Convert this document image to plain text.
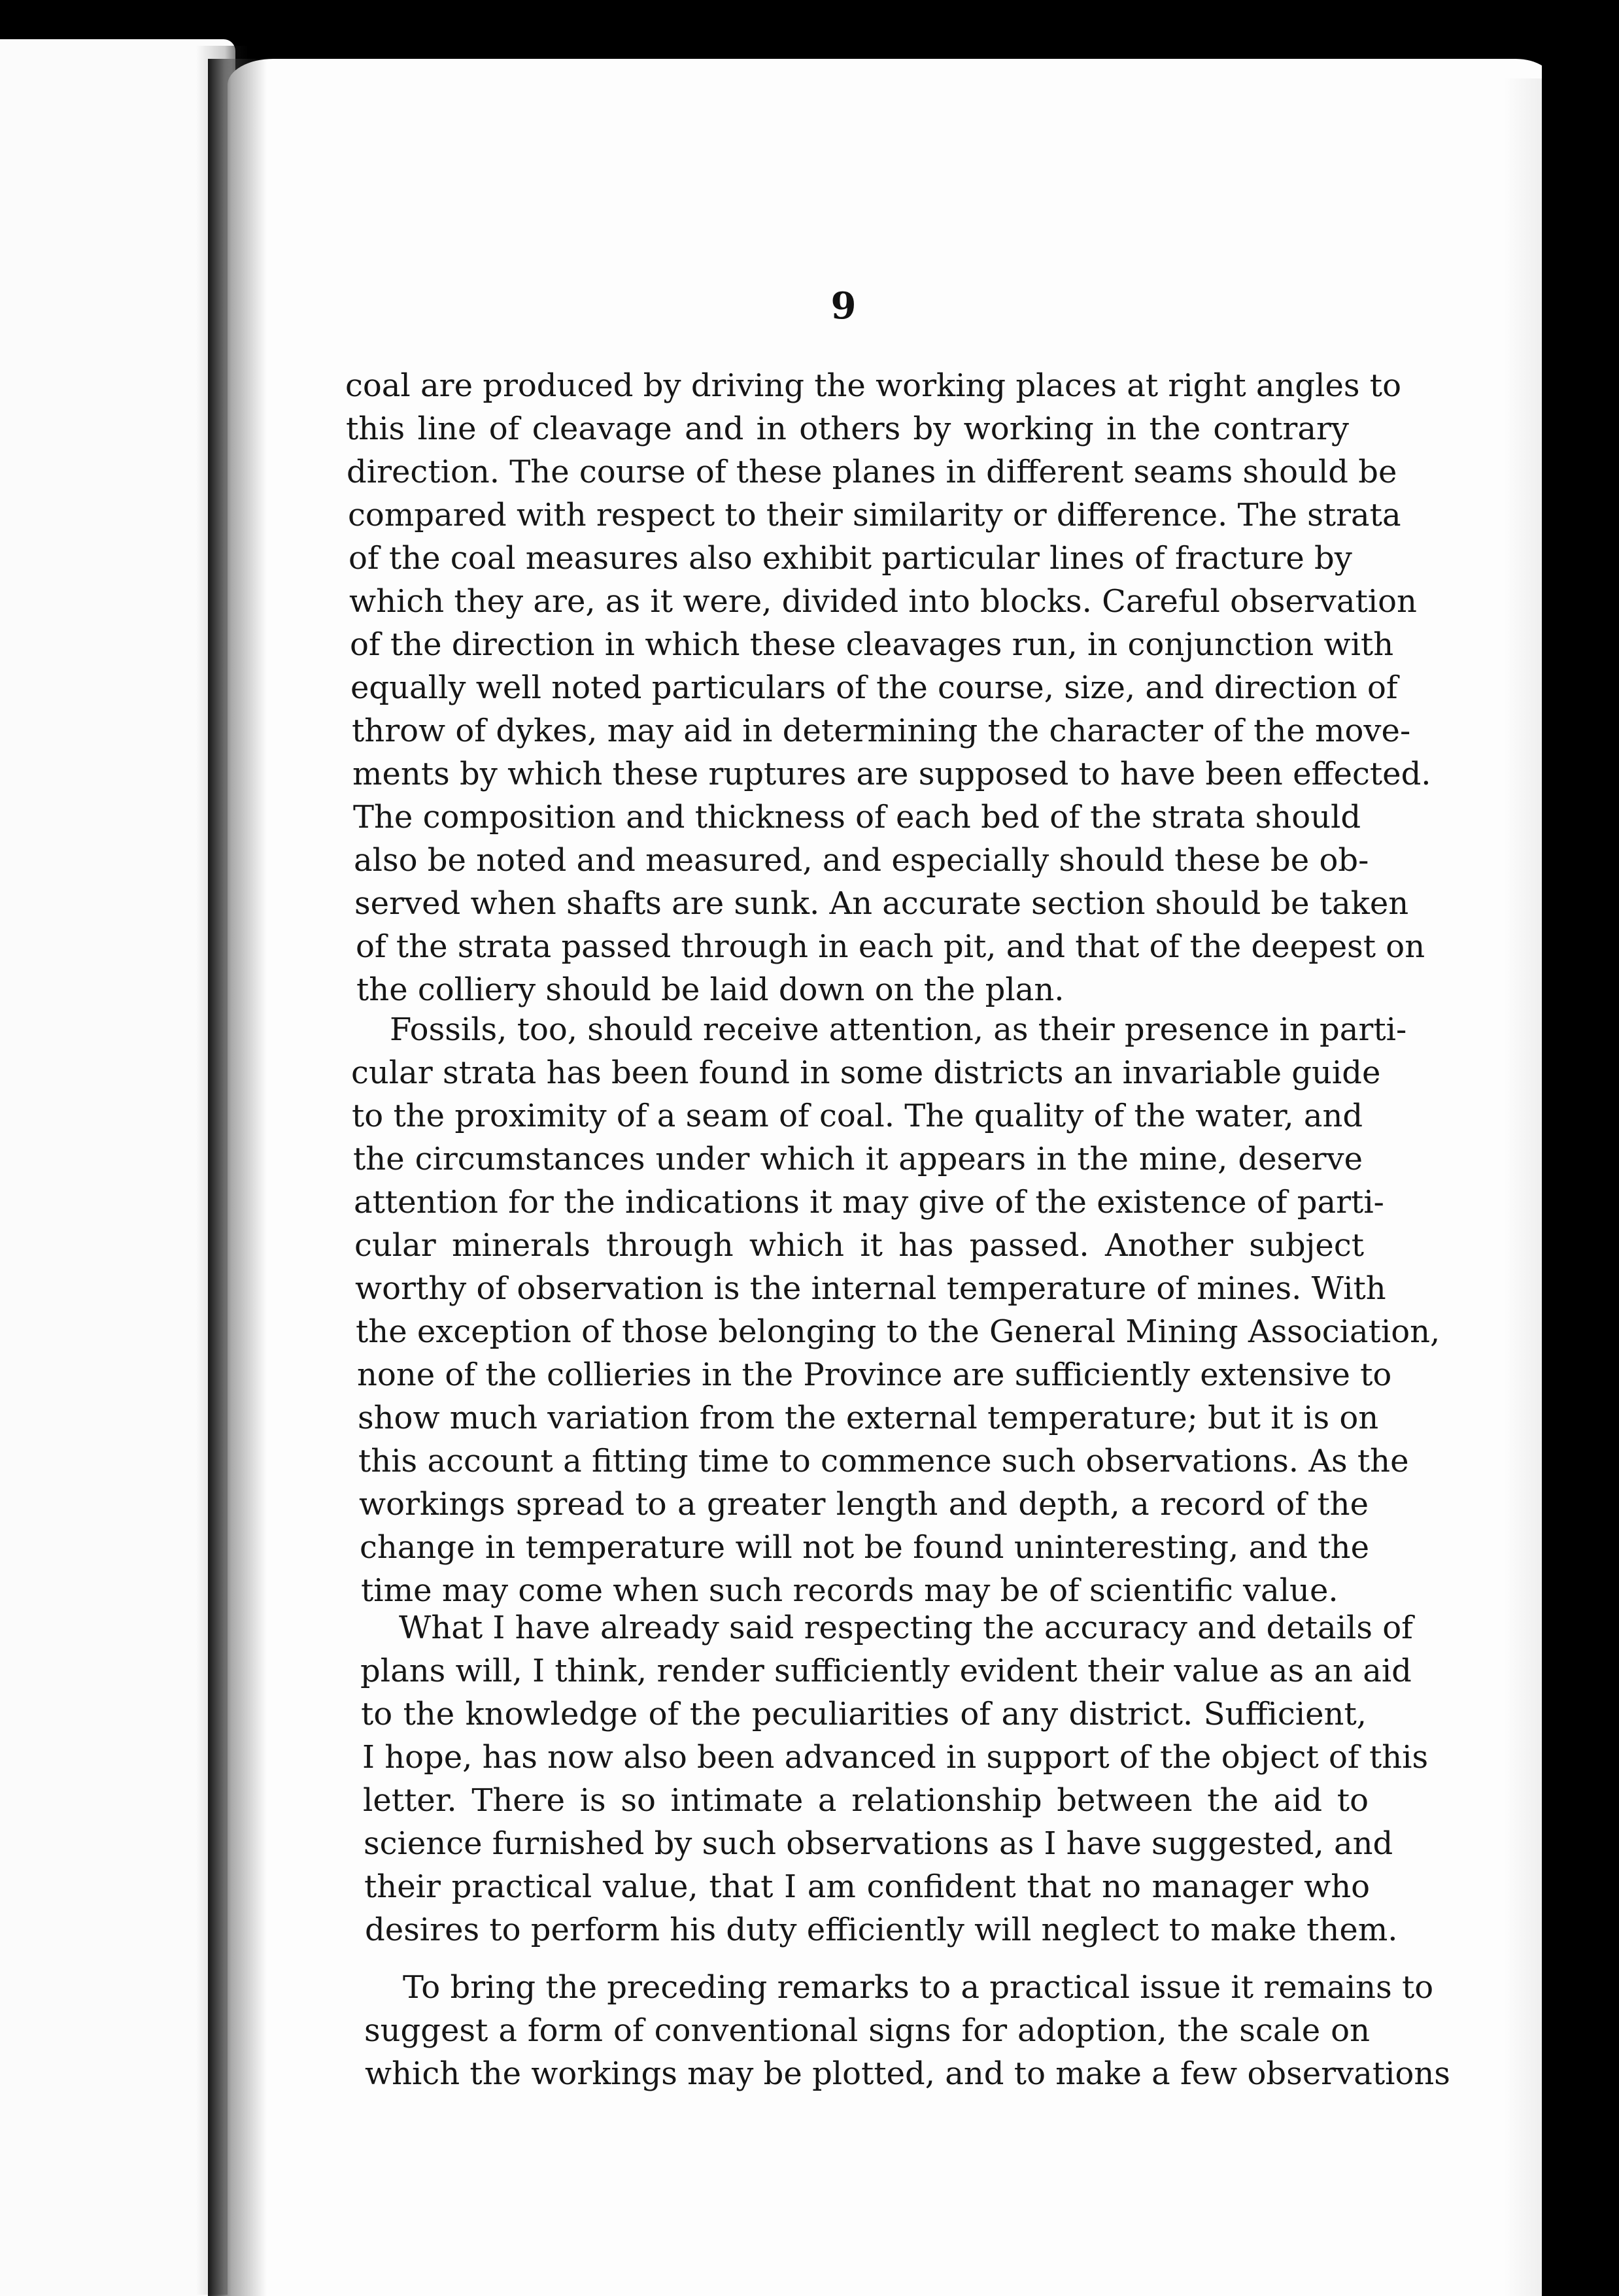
9
coal are produced by driving the working places at right angles to
this line of cleavage and in others by working in the contrary
direction. The course of these planes in different seams should be
compared with respect to their similarity or difference. The strata
of the coal measures also exhibit particular lines of fracture by
which they are, as it were, divided into blocks. Careful observation
of the direction in which these cleavages run, in conjunction with
equally well noted particulars of the course, size, and direction of
throw of dykes, may aid in determining the character of the move-
ments by which these ruptures are supposed to have been effected.
The composition and thickness of each bed of the strata should
also be noted and measured, and especially should these be ob-
served when shafts are sunk. An accurate section should be taken
of the strata passed through in each pit, and that of the deepest on
the colliery should be laid down on the plan.
Fossils, too, should receive attention, as their presence in parti-
cular strata has been found in some districts an invariable guide
to the proximity of a seam of coal. The quality of the water, and
the circumstances under which it appears in the mine, deserve
attention for the indications it may give of the existence of parti-
cular minerals through which it has passed. Another subject
worthy of observation is the internal temperature of mines. With
the exception of those belonging to the General Mining Association,
none of the collieries in the Province are sufficiently extensive to
show much variation from the external temperature; but it is on
this account a fitting time to commence such observations. As the
workings spread to a greater length and depth, a record of the
change in temperature will not be found uninteresting, and the
time may come when such records may be of scientific value.
What I have already said respecting the accuracy and details of
plans will, I think, render sufficiently evident their value as an aid
to the knowledge of the peculiarities of any district. Sufficient,
I hope, has now also been advanced in support of the object of this
letter. There is so intimate a relationship between the aid to
science furnished by such observations as I have suggested, and
their practical value, that I am confident that no manager who
desires to perform his duty efficiently will neglect to make them.
To bring the preceding remarks to a practical issue it remains to
suggest a form of conventional signs for adoption, the scale on
which the workings may be plotted, and to make a few observations
